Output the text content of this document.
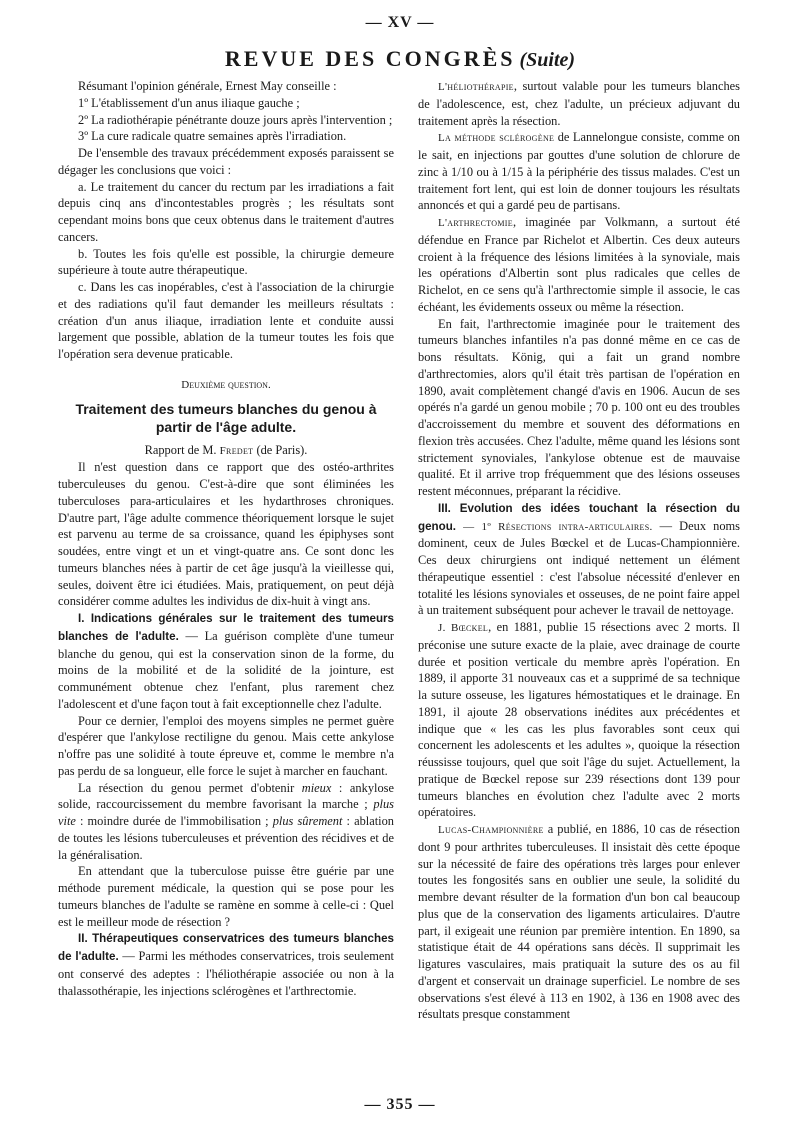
— XV —
REVUE DES CONGRÈS (Suite)

Résumant l'opinion générale, Ernest May conseille :

1º L'établissement d'un anus iliaque gauche ;

2º La radiothérapie pénétrante douze jours après l'intervention ;

3º La cure radicale quatre semaines après l'irradiation.

De l'ensemble des travaux précédemment exposés paraissent se dégager les conclusions que voici :

a. Le traitement du cancer du rectum par les irradiations a fait depuis cinq ans d'incontestables progrès ; les résultats sont cependant moins bons que ceux obtenus dans le traitement d'autres cancers.

b. Toutes les fois qu'elle est possible, la chirurgie demeure supérieure à toute autre thérapeutique.

c. Dans les cas inopérables, c'est à l'association de la chirurgie et des radiations qu'il faut demander les meilleurs résultats : création d'un anus iliaque, irradiation lente et conduite aussi largement que possible, ablation de la tumeur toutes les fois que l'opération sera devenue praticable.

Deuxième question.
Traitement des tumeurs blanches du genou à partir de l'âge adulte.

Rapport de M. Fredet (de Paris).

Il n'est question dans ce rapport que des ostéo-arthrites tuberculeuses du genou. C'est-à-dire que sont éliminées les tuberculoses para-articulaires et les hydarthroses chroniques. D'autre part, l'âge adulte commence théoriquement lorsque le sujet est parvenu au terme de sa croissance, quand les épiphyses sont soudées, entre vingt et un et vingt-quatre ans. Ce sont donc les tumeurs blanches nées à partir de cet âge jusqu'à la vieillesse qui, seules, doivent être ici étudiées. Mais, pratiquement, on peut déjà considérer comme adultes les individus de dix-huit à vingt ans.

I. Indications générales sur le traitement des tumeurs blanches de l'adulte. — La guérison complète d'une tumeur blanche du genou, qui est la conservation sinon de la forme, du moins de la mobilité et de la solidité de la jointure, est communément obtenue chez l'enfant, plus rarement chez l'adolescent et d'une façon tout à fait exceptionnelle chez l'adulte.

Pour ce dernier, l'emploi des moyens simples ne permet guère d'espérer que l'ankylose rectiligne du genou. Mais cette ankylose n'offre pas une solidité à toute épreuve et, comme le membre n'a pas perdu de sa longueur, elle force le sujet à marcher en fauchant.

La résection du genou permet d'obtenir mieux : ankylose solide, raccourcissement du membre favorisant la marche ; plus vite : moindre durée de l'immobilisation ; plus sûrement : ablation de toutes les lésions tuberculeuses et prévention des récidives et de la généralisation.

En attendant que la tuberculose puisse être guérie par une méthode purement médicale, la question qui se pose pour les tumeurs blanches de l'adulte se ramène en somme à celle-ci : Quel est le meilleur mode de résection ?

II. Thérapeutiques conservatrices des tumeurs blanches de l'adulte. — Parmi les méthodes conservatrices, trois seulement ont conservé des adeptes : l'héliothérapie associée ou non à la thalassothérapie, les injections sclérogènes et l'arthrectomie.

L'héliothérapie, surtout valable pour les tumeurs blanches de l'adolescence, est, chez l'adulte, un précieux adjuvant du traitement après la résection.

La méthode sclérogène de Lannelongue consiste, comme on le sait, en injections par gouttes d'une solution de chlorure de zinc à 1/10 ou à 1/15 à la périphérie des tissus malades. C'est un traitement fort lent, qui est loin de donner toujours les résultats annoncés et qui a gardé peu de partisans.

L'arthrectomie, imaginée par Volkmann, a surtout été défendue en France par Richelot et Albertin. Ces deux auteurs croient à la fréquence des lésions limitées à la synoviale, mais les opérations d'Albertin sont plus radicales que celles de Richelot, en ce sens qu'à l'arthrectomie simple il associe, le cas échéant, les évidements osseux ou même la résection.

En fait, l'arthrectomie imaginée pour le traitement des tumeurs blanches infantiles n'a pas donné même en ce cas de bons résultats. König, qui a fait un grand nombre d'arthrectomies, alors qu'il était très partisan de l'opération en 1890, avait complètement changé d'avis en 1906. Aucun de ses opérés n'a gardé un genou mobile ; 70 p. 100 ont eu des troubles d'accroissement du membre et souvent des déformations en flexion très accusées. Chez l'adulte, même quand les lésions sont strictement synoviales, l'ankylose obtenue est de mauvaise qualité. Et il arrive trop fréquemment que des lésions osseuses restent méconnues, préparant la récidive.

III. Evolution des idées touchant la résection du genou. — 1º Résections intra-articulaires. — Deux noms dominent, ceux de Jules Bœckel et de Lucas-Championnière. Ces deux chirurgiens ont indiqué nettement un élément thérapeutique essentiel : c'est l'absolue nécessité d'enlever en totalité les lésions synoviales et osseuses, de ne point faire appel à un traitement subséquent pour achever le travail de nettoyage.

J. Bœckel, en 1881, publie 15 résections avec 2 morts. Il préconise une suture exacte de la plaie, avec drainage de courte durée et position verticale du membre après l'opération. En 1889, il apporte 31 nouveaux cas et a supprimé de sa technique la suture osseuse, les ligatures hémostatiques et le drainage. En 1891, il ajoute 28 observations inédites aux précédentes et indique que « les cas les plus favorables sont ceux qui concernent les adolescents et les adultes », quoique la résection réussisse toujours, quel que soit l'âge du sujet. Actuellement, la pratique de Bœckel repose sur 239 résections dont 139 pour tumeurs blanches en évolution chez l'adulte avec 2 morts opératoires.

Lucas-Championnière a publié, en 1886, 10 cas de résection dont 9 pour arthrites tuberculeuses. Il insistait dès cette époque sur la nécessité de faire des opérations très larges pour enlever toutes les fongosités sans en oublier une seule, la solidité du membre devant résulter de la formation d'un bon cal beaucoup plus que de la conservation des ligaments articulaires. D'autre part, il exigeait une réunion par première intention. En 1890, sa statistique était de 44 opérations sans décès. Il supprimait les ligatures vasculaires, mais pratiquait la suture des os au fil d'argent et conservait un drainage superficiel. Le nombre de ses observations s'est élevé à 113 en 1902, à 136 en 1908 avec des résultats presque constamment

— 355 —
